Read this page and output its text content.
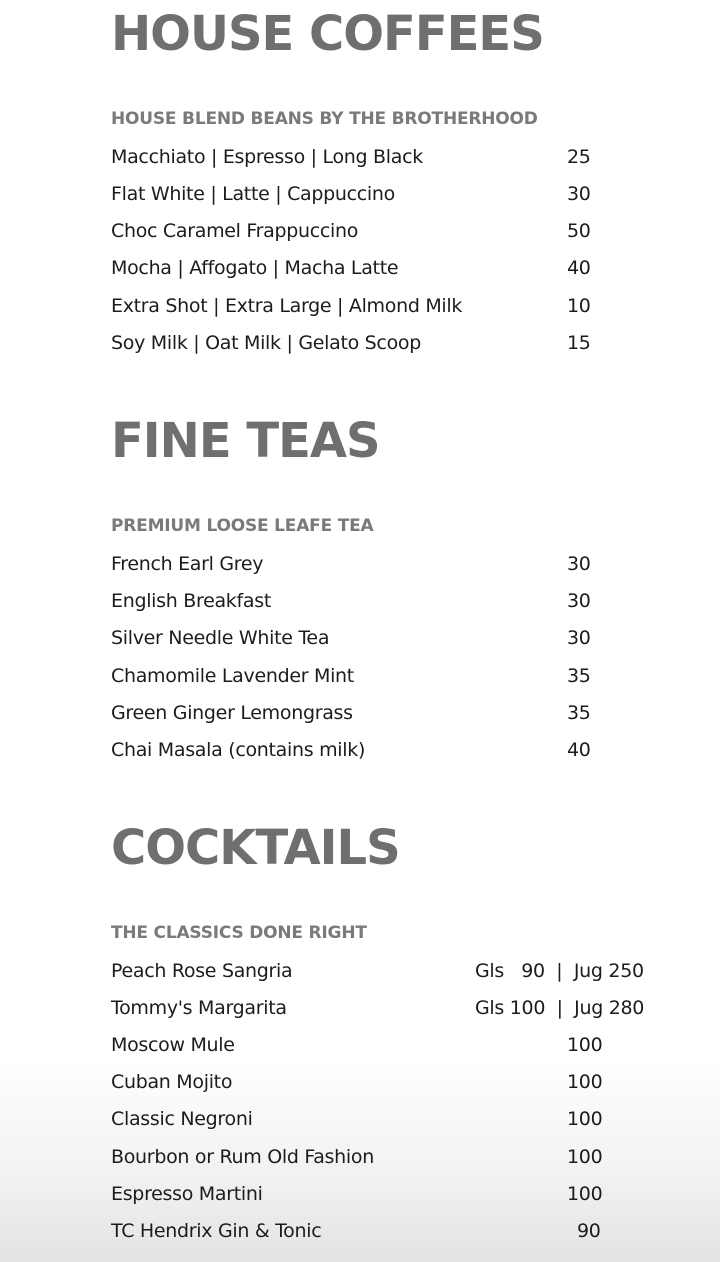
HOUSE COFFEES
HOUSE BLEND BEANS BY THE BROTHERHOOD
Macchiato | Espresso | Long Black	25
Flat White | Latte | Cappuccino	30
Choc Caramel Frappuccino	50
Mocha | Affogato | Macha Latte	40
Extra Shot | Extra Large | Almond Milk	10
Soy Milk | Oat Milk | Gelato Scoop	15
FINE TEAS
PREMIUM LOOSE LEAFE TEA
French Earl Grey	30
English Breakfast	30
Silver Needle White Tea	30
Chamomile Lavender Mint	35
Green Ginger Lemongrass	35
Chai Masala (contains milk)	40
COCKTAILS
THE CLASSICS DONE RIGHT
Peach Rose Sangria	Gls   90  |  Jug 250
Tommy's Margarita	Gls 100  |  Jug 280
Moscow Mule	100
Cuban Mojito	100
Classic Negroni	100
Bourbon or Rum Old Fashion	100
Espresso Martini	100
TC Hendrix Gin & Tonic	90
